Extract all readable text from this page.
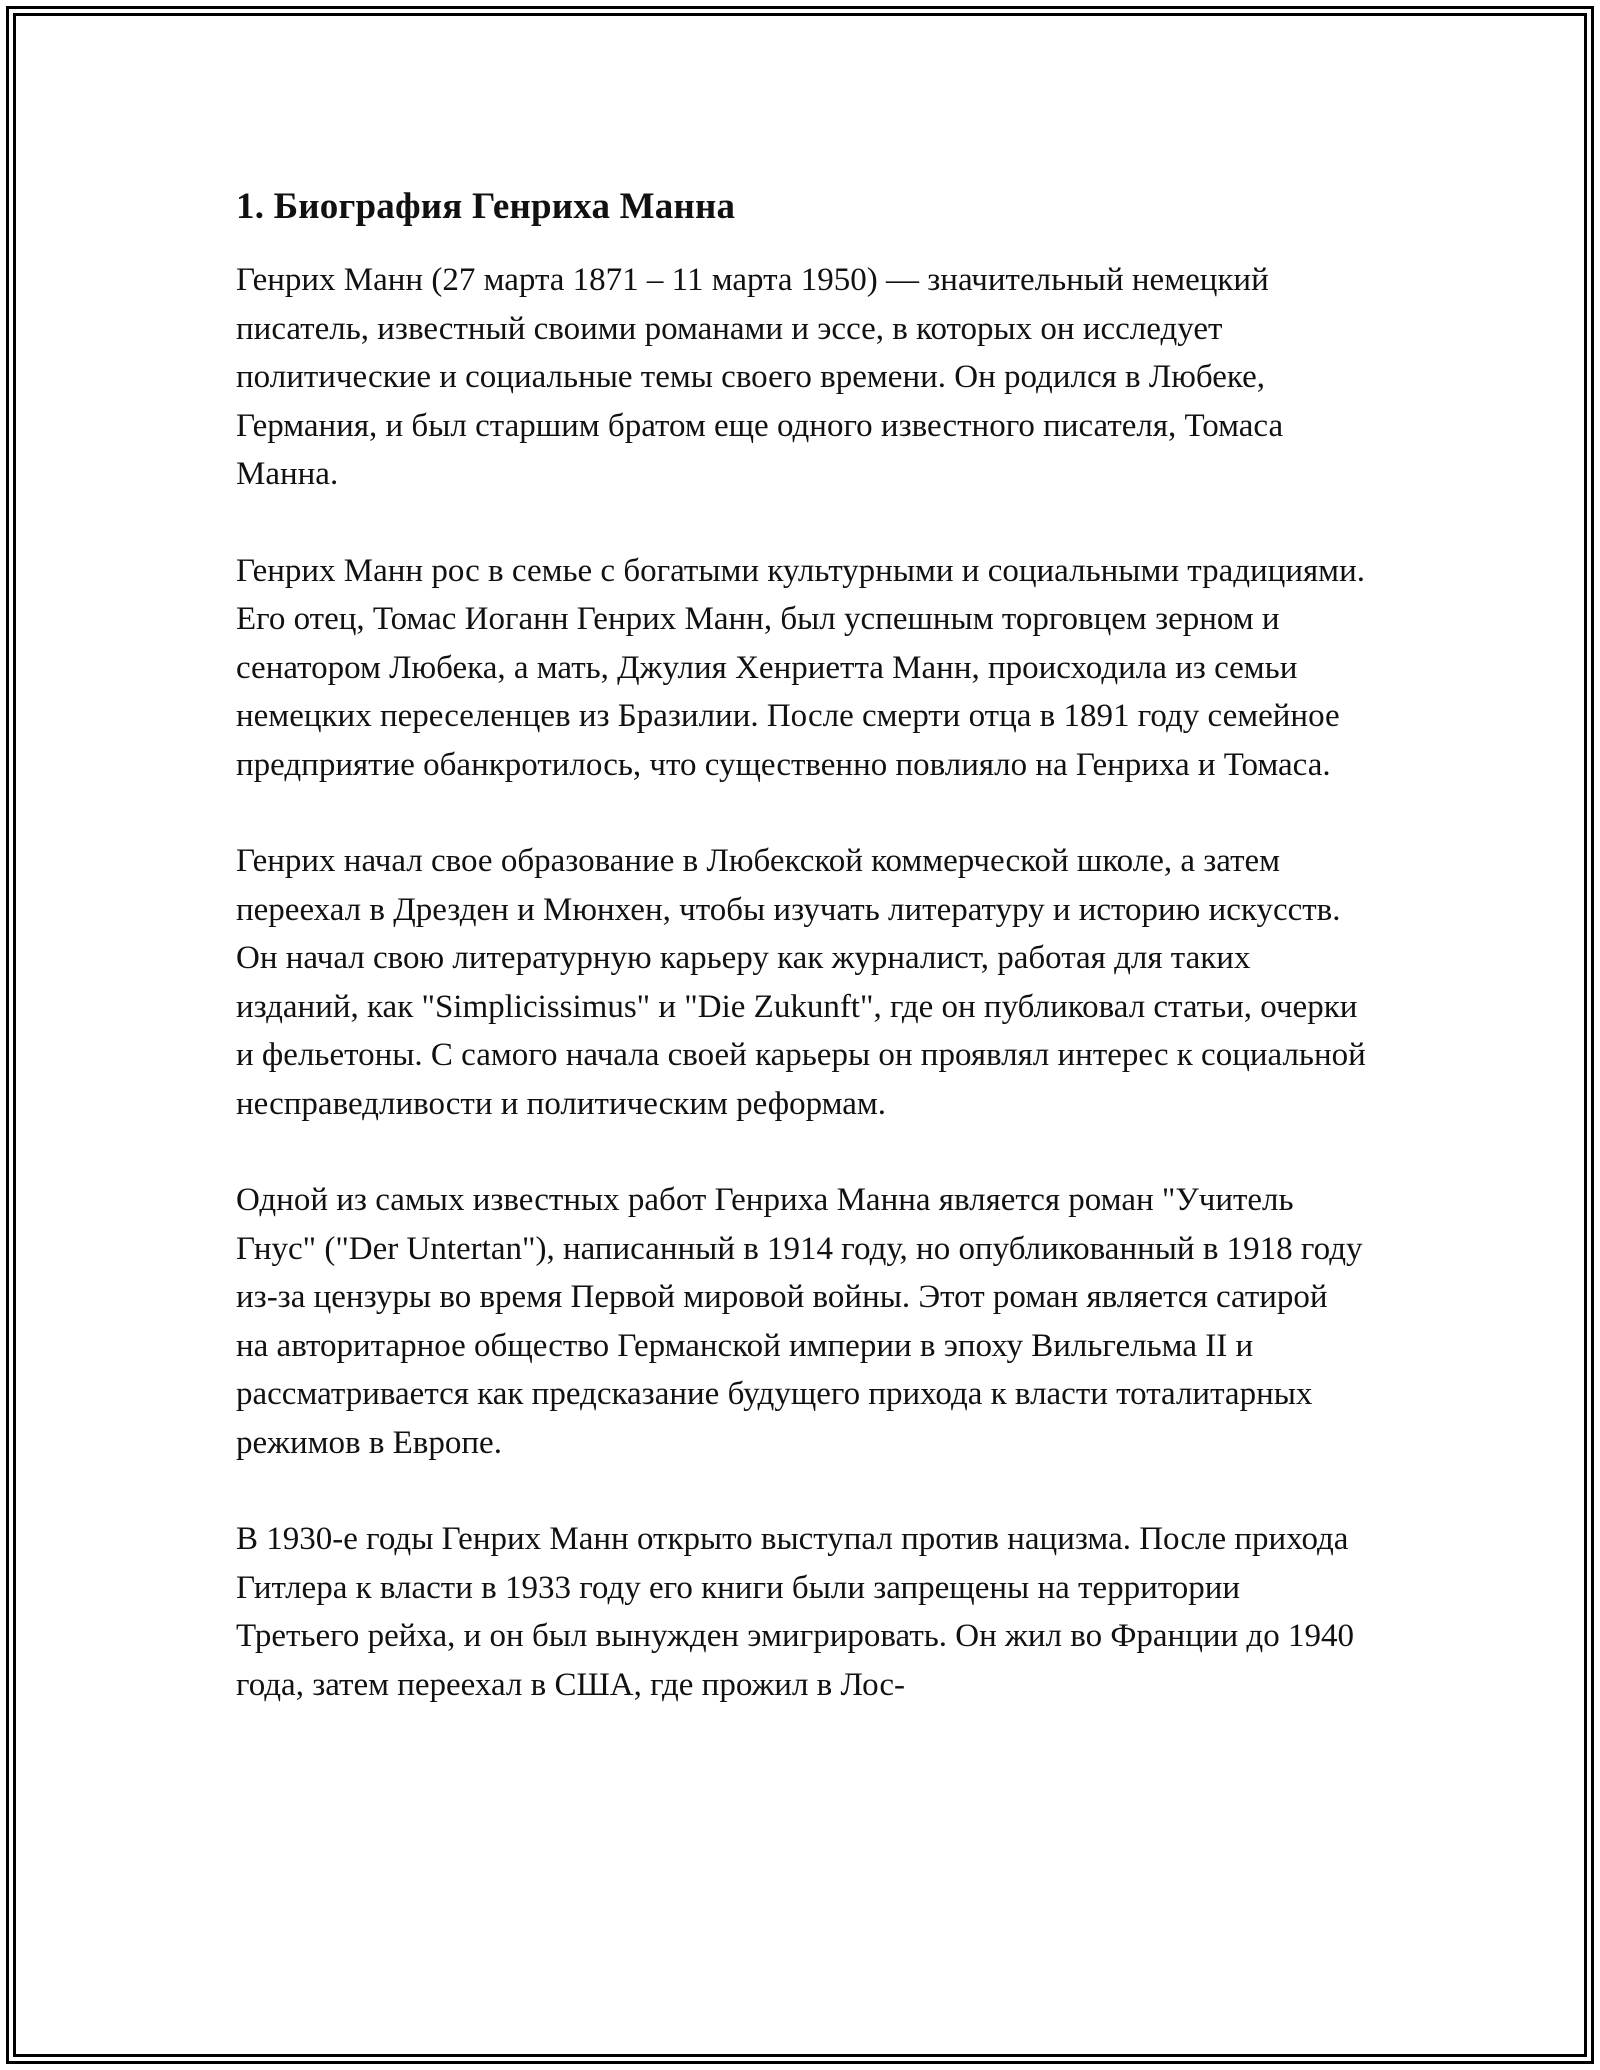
1. Биография Генриха Манна

Генрих Манн (27 марта 1871 – 11 марта 1950) — значительный немецкий писатель, известный своими романами и эссе, в которых он исследует политические и социальные темы своего времени. Он родился в Любеке, Германия, и был старшим братом еще одного известного писателя, Томаса Манна.

Генрих Манн рос в семье с богатыми культурными и социальными традициями. Его отец, Томас Иоганн Генрих Манн, был успешным торговцем зерном и сенатором Любека, а мать, Джулия Хенриетта Манн, происходила из семьи немецких переселенцев из Бразилии. После смерти отца в 1891 году семейное предприятие обанкротилось, что существенно повлияло на Генриха и Томаса.

Генрих начал свое образование в Любекской коммерческой школе, а затем переехал в Дрезден и Мюнхен, чтобы изучать литературу и историю искусств. Он начал свою литературную карьеру как журналист, работая для таких изданий, как "Simplicissimus" и "Die Zukunft", где он публиковал статьи, очерки и фельетоны. С самого начала своей карьеры он проявлял интерес к социальной несправедливости и политическим реформам.

Одной из самых известных работ Генриха Манна является роман "Учитель Гнус" ("Der Untertan"), написанный в 1914 году, но опубликованный в 1918 году из-за цензуры во время Первой мировой войны. Этот роман является сатирой на авторитарное общество Германской империи в эпоху Вильгельма II и рассматривается как предсказание будущего прихода к власти тоталитарных режимов в Европе.

В 1930-е годы Генрих Манн открыто выступал против нацизма. После прихода Гитлера к власти в 1933 году его книги были запрещены на территории Третьего рейха, и он был вынужден эмигрировать. Он жил во Франции до 1940 года, затем переехал в США, где прожил в Лос-
